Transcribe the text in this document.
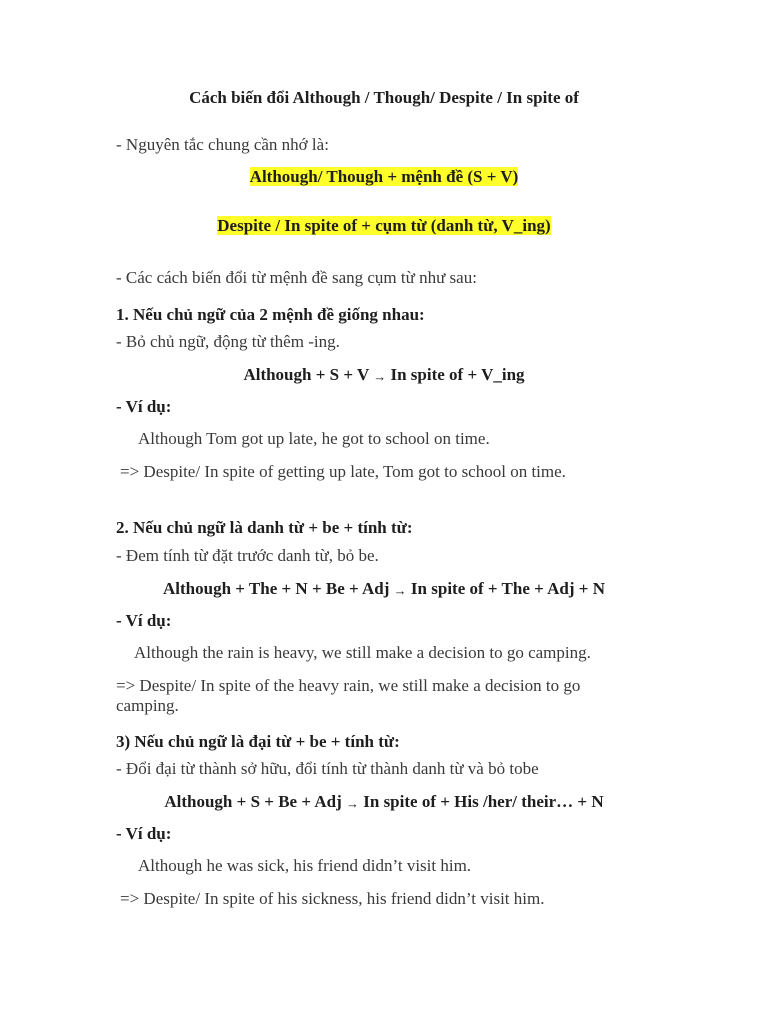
Cách biến đổi Although / Though/ Despite / In spite of
- Nguyên tắc chung cần nhớ là:
Although/ Though + mệnh đề (S + V)
Despite / In spite of + cụm từ (danh từ, V_ing)
- Các cách biến đổi từ mệnh đề sang cụm từ như sau:
1. Nếu chủ ngữ của 2 mệnh đề giống nhau:
- Bỏ chủ ngữ, động từ thêm -ing.
Although + S + V → In spite of + V_ing
- Ví dụ:
Although Tom got up late, he got to school on time.
=> Despite/ In spite of getting up late, Tom got to school on time.
2. Nếu chủ ngữ là danh từ + be + tính từ:
- Đem tính từ đặt trước danh từ, bỏ be.
Although + The + N + Be + Adj → In spite of + The + Adj + N
- Ví dụ:
Although the rain is heavy, we still make a decision to go camping.
=> Despite/ In spite of the heavy rain, we still make a decision to go camping.
3) Nếu chủ ngữ là đại từ + be + tính từ:
- Đổi đại từ thành sở hữu, đổi tính từ thành danh từ và bỏ tobe
Although + S + Be + Adj → In spite of + His /her/ their… + N
- Ví dụ:
Although he was sick, his friend didn’t visit him.
=> Despite/ In spite of his sickness, his friend didn’t visit him.
